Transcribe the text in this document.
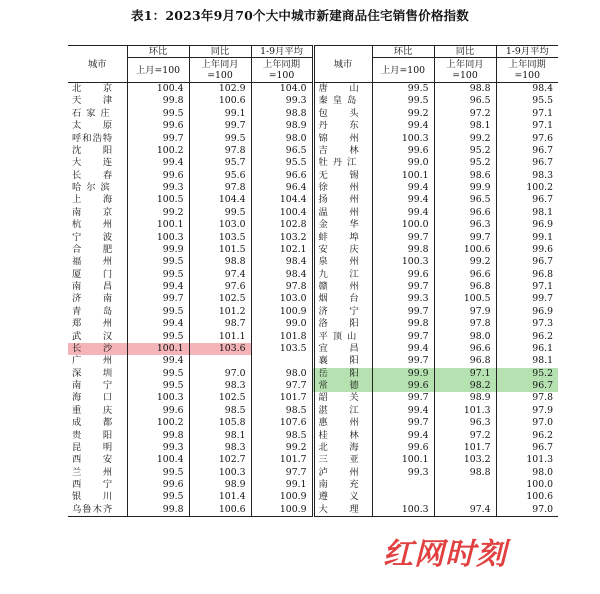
表1：2023年9月70个大中城市新建商品住宅销售价格指数
城市	环比	同比	1-9月平均	城市	环比	同比	1-9月平均
	上月=100	上年同月=100	上年同期=100		上月=100	上年同月=100	上年同期=100
北　　京	100.4	102.9	104.0	唐　　山	99.5	98.8	98.4
天　　津	99.8	100.6	99.3	秦 皇 岛	99.5	96.5	95.5
石 家 庄	99.5	99.1	98.8	包　　头	99.2	97.2	97.1
太　　原	99.6	99.7	98.9	丹　　东	99.4	98.1	97.1
呼和浩特	99.7	99.5	98.0	锦　　州	100.3	99.2	97.6
沈　　阳	100.2	97.8	96.5	吉　　林	99.6	95.2	96.7
大　　连	99.4	95.7	95.5	牡 丹 江	99.0	95.2	96.7
长　　春	99.6	95.6	96.6	无　　锡	100.1	98.6	98.3
哈 尔 滨	99.3	97.8	96.4	徐　　州	99.4	99.9	100.2
上　　海	100.5	104.4	104.4	扬　　州	99.4	96.5	96.7
南　　京	99.2	99.5	100.4	温　　州	99.4	96.6	98.1
杭　　州	100.1	103.0	102.8	金　　华	100.0	96.3	96.9
宁　　波	100.3	103.5	103.2	蚌　　埠	99.7	99.7	99.1
合　　肥	99.9	101.5	102.1	安　　庆	99.8	100.6	99.6
福　　州	99.5	98.8	98.4	泉　　州	100.3	99.2	96.7
厦　　门	99.5	97.4	98.4	九　　江	99.6	96.6	96.8
南　　昌	99.4	97.6	97.8	赣　　州	99.7	96.8	97.1
济　　南	99.7	102.5	103.0	烟　　台	99.3	100.5	99.7
青　　岛	99.5	101.2	100.9	济　　宁	99.7	97.9	96.9
郑　　州	99.4	98.7	99.0	洛　　阳	99.8	97.8	97.3
武　　汉	99.5	101.1	101.8	平 顶 山	99.7	98.0	96.2
长　　沙	100.1	103.6	103.5	宜　　昌	99.4	96.6	96.1
广　　州	99.4			襄　　阳	99.7	96.8	98.1
深　　圳	99.5	97.0	98.0	岳　　阳	99.9	97.1	95.2
南　　宁	99.5	98.3	97.7	常　　德	99.6	98.2	96.7
海　　口	100.3	102.5	101.7	韶　　关	99.7	98.9	97.8
重　　庆	99.6	98.5	98.5	湛　　江	99.4	101.3	97.9
成　　都	100.2	105.8	107.6	惠　　州	99.7	96.3	97.0
贵　　阳	99.8	98.1	98.5	桂　　林	99.4	97.2	96.2
昆　　明	99.3	98.3	99.2	北　　海	99.6	101.7	96.7
西　　安	100.4	102.7	101.7	三　　亚	100.1	103.2	101.3
兰　　州	99.5	100.3	97.7	泸　　州	99.3	98.8	98.0
西　　宁	99.6	98.9	99.1	南　　充			100.0
银　　川	99.5	101.4	100.9	遵　　义			100.6
乌鲁木齐	99.8	100.6	100.9	大　　理	100.3	97.4	97.0
红网时刻
